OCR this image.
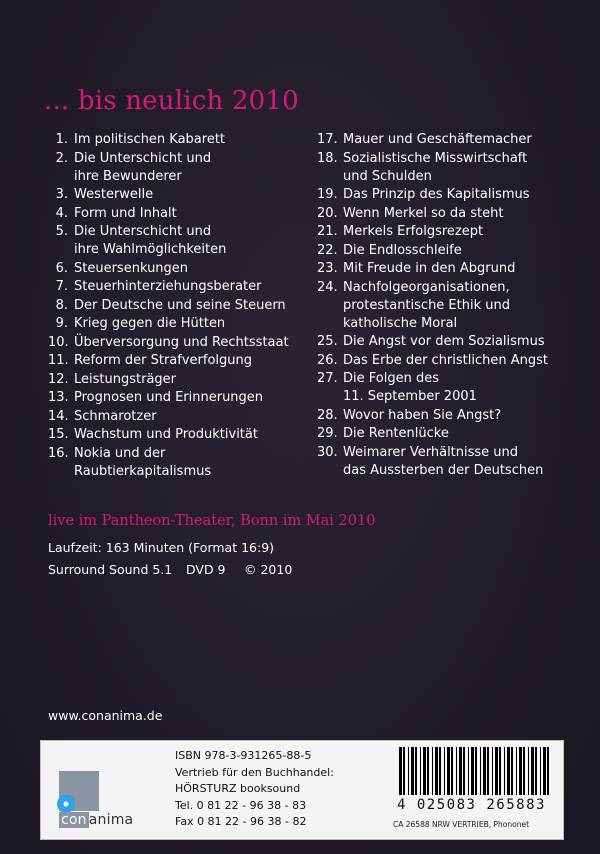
... bis neulich 2010
1. Im politischen Kabarett
2. Die Unterschicht und
ihre Bewunderer
3. Westerwelle
4. Form und Inhalt
5. Die Unterschicht und
ihre Wahlmöglichkeiten
6. Steuersenkungen
7. Steuerhinterziehungsberater
8. Der Deutsche und seine Steuern
9. Krieg gegen die Hütten
10. Überversorgung und Rechtsstaat
11. Reform der Strafverfolgung
12. Leistungsträger
13. Prognosen und Erinnerungen
14. Schmarotzer
15. Wachstum und Produktivität
16. Nokia und der
Raubtierkapitalismus
17. Mauer und Geschäftemacher
18. Sozialistische Misswirtschaft
und Schulden
19. Das Prinzip des Kapitalismus
20. Wenn Merkel so da steht
21. Merkels Erfolgsrezept
22. Die Endlosschleife
23. Mit Freude in den Abgrund
24. Nachfolgeorganisationen,
protestantische Ethik und
katholische Moral
25. Die Angst vor dem Sozialismus
26. Das Erbe der christlichen Angst
27. Die Folgen des
11. September 2001
28. Wovor haben Sie Angst?
29. Die Rentenlücke
30. Weimarer Verhältnisse und
das Aussterben der Deutschen
live im Pantheon-Theater, Bonn im Mai 2010
Laufzeit: 163 Minuten (Format 16:9)
Surround Sound 5.1 DVD 9 © 2010
www.conanima.de
con anima
ISBN 978-3-931265-88-5
Vertrieb für den Buchhandel:
HÖRSTURZ booksound
Tel. 0 81 22 - 96 38 - 83
Fax 0 81 22 - 96 38 - 82
4 025083 265883
CA 26588 NRW VERTRIEB, Phononet
